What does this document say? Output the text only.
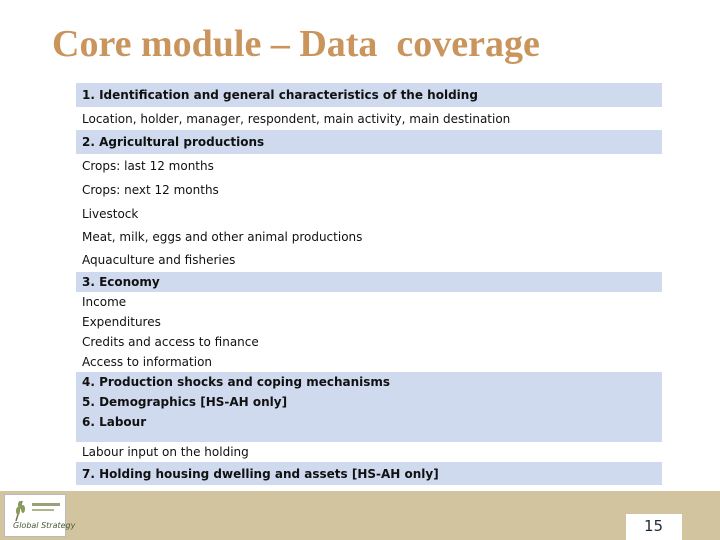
Core module – Data  coverage
1. Identification and general characteristics of the holding
Location, holder, manager, respondent, main activity, main destination
2. Agricultural productions
Crops: last 12 months
Crops: next 12 months
Livestock
Meat, milk, eggs and other animal productions
Aquaculture and fisheries
3. Economy
Income
Expenditures
Credits and access to finance
Access to information
4. Production shocks and coping mechanisms
5. Demographics [HS-AH only]
6. Labour
Labour input on the holding
7. Holding housing dwelling and assets [HS-AH only]
Global Strategy	15
